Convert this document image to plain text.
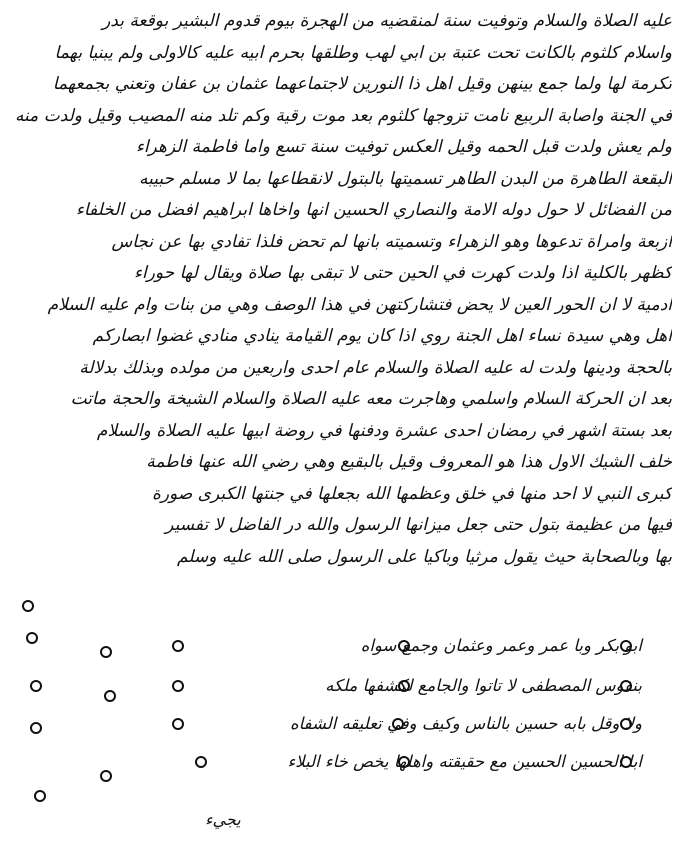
عليه الصلاة والسلام وتوفيت سنة لمنقضيه من الهجرة بيوم قدوم البشير بوقعة بدر
واسلام كلثوم بالكانت تحت عتبة بن ابي لهب وطلقها بحرم ابيه عليه كالاولى ولم يبنيا بهما
تكرمة لها ولما جمع بينهن وقيل اهل ذا النورين لاجتماعهما عثمان بن عفان وتعني بجمعهما
في الجنة واصابة الربيع نامت تزوجها كلثوم بعد موت رقية وكم تلد منه المصيب وقيل ولدت منه
ولم يعش ولدت قبل الحمه وقيل العكس توفيت سنة تسع واما فاطمة الزهراء
البقعة الطاهرة من البدن الطاهر تسميتها بالبتول لانقطاعها بما لا مسلم حبيبه
من الفضائل لا حول دوله الامة والنصاري الحسين انها واخاها ابراهيم افضل من الخلفاء
ازبعة وامراة تدعوها وهو الزهراء وتسميته بانها لم تحض فلذا تفادي بها عن نجاس
كظهر بالكلية اذا ولدت كهرت في الحين حتى لا تبقى بها صلاة ويقال لها حوراء
ادمية لا ان الحور العين لا يحض فتشاركتهن في هذا الوصف وهي من بنات وام عليه السلام
اهل وهي سيدة نساء اهل الجنة روي اذا كان يوم القيامة ينادي منادي غضوا ابصاركم
بالحجة ودينها ولدت له عليه الصلاة والسلام عام احدى واربعين من مولده وبذلك بدلالة
بعد ان الحركة السلام واسلمي وهاجرت معه عليه الصلاة والسلام الشيخة والحجة ماتت
بعد بستة اشهر في رمضان احدى عشرة ودفنها في روضة ابيها عليه الصلاة والسلام
خلف الشيك الاول هذا هو المعروف وقيل بالبقيع وهي رضي الله عنها فاطمة
كبرى النبي لا احد منها في خلق وعظمها الله بجعلها في جنتها الكبرى صورة
فيها من عظيمة بتول حتى جعل ميزانها الرسول والله در الفاضل لا تفسير
بها وبالصحابة حيث يقول مرثيا وباكيا على الرسول صلى الله عليه وسلم
ابو بكر وبا عمر وعمر وعثمان وجمع سواه
بنفوس المصطفى لا تاتوا والجامع لكشفها ملكه
ولا وقل بابه حسين بالناس وكيف وفي تعليقه الشفاه
ابا الحسين الحسين مع حقيقته واهلها يخص خاء البلاء
يجيء
